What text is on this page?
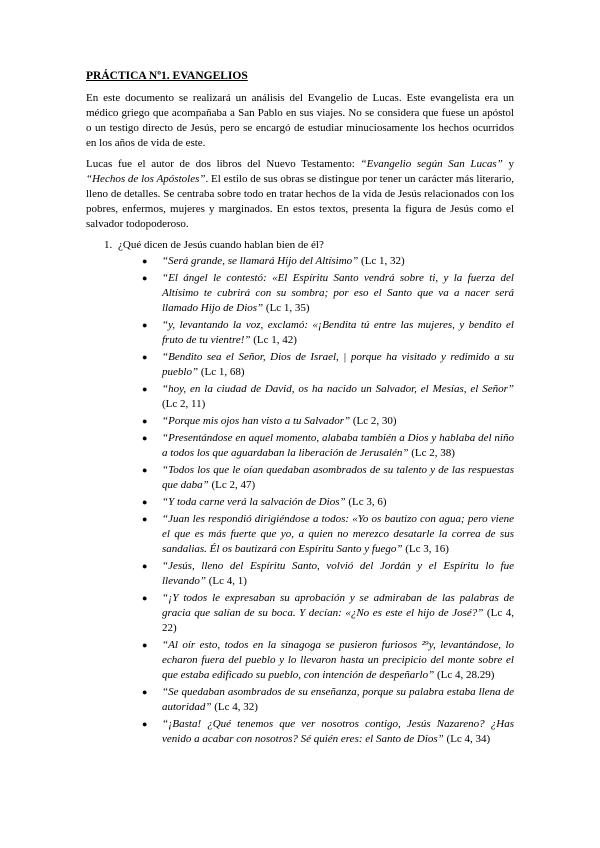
PRÁCTICA Nº1. EVANGELIOS

En este documento se realizará un análisis del Evangelio de Lucas. Este evangelista era un médico griego que acompañaba a San Pablo en sus viajes. No se considera que fuese un apóstol o un testigo directo de Jesús, pero se encargó de estudiar minuciosamente los hechos ocurridos en los años de vida de este.

Lucas fue el autor de dos libros del Nuevo Testamento: “Evangelio según San Lucas” y “Hechos de los Apóstoles”. El estilo de sus obras se distingue por tener un carácter más literario, lleno de detalles. Se centraba sobre todo en tratar hechos de la vida de Jesús relacionados con los pobres, enfermos, mujeres y marginados. En estos textos, presenta la figura de Jesús como el salvador todopoderoso.

1. ¿Qué dicen de Jesús cuando hablan bien de él?
● “Será grande, se llamará Hijo del Altísimo” (Lc 1, 32)
● “El ángel le contestó: «El Espíritu Santo vendrá sobre ti, y la fuerza del Altísimo te cubrirá con su sombra; por eso el Santo que va a nacer será llamado Hijo de Dios” (Lc 1, 35)
● “y, levantando la voz, exclamó: «¡Bendita tú entre las mujeres, y bendito el fruto de tu vientre!” (Lc 1, 42)
● “Bendito sea el Señor, Dios de Israel, | porque ha visitado y redimido a su pueblo” (Lc 1, 68)
● “hoy, en la ciudad de David, os ha nacido un Salvador, el Mesías, el Señor” (Lc 2, 11)
● “Porque mis ojos han visto a tu Salvador” (Lc 2, 30)
● “Presentándose en aquel momento, alababa también a Dios y hablaba del niño a todos los que aguardaban la liberación de Jerusalén” (Lc 2, 38)
● “Todos los que le oían quedaban asombrados de su talento y de las respuestas que daba” (Lc 2, 47)
● “Y toda carne verá la salvación de Dios” (Lc 3, 6)
● “Juan les respondió dirigiéndose a todos: «Yo os bautizo con agua; pero viene el que es más fuerte que yo, a quien no merezco desatarle la correa de sus sandalias. Él os bautizará con Espíritu Santo y fuego” (Lc 3, 16)
● “Jesús, lleno del Espíritu Santo, volvió del Jordán y el Espíritu lo fue llevando” (Lc 4, 1)
● “¡Y todos le expresaban su aprobación y se admiraban de las palabras de gracia que salían de su boca. Y decían: «¿No es este el hijo de José?” (Lc 4, 22)
● “Al oír esto, todos en la sinagoga se pusieron furiosos ²⁹y, levantándose, lo echaron fuera del pueblo y lo llevaron hasta un precipicio del monte sobre el que estaba edificado su pueblo, con intención de despeñarlo” (Lc 4, 28.29)
● “Se quedaban asombrados de su enseñanza, porque su palabra estaba llena de autoridad” (Lc 4, 32)
● “¡Basta! ¿Qué tenemos que ver nosotros contigo, Jesús Nazareno? ¿Has venido a acabar con nosotros? Sé quién eres: el Santo de Dios” (Lc 4, 34)
